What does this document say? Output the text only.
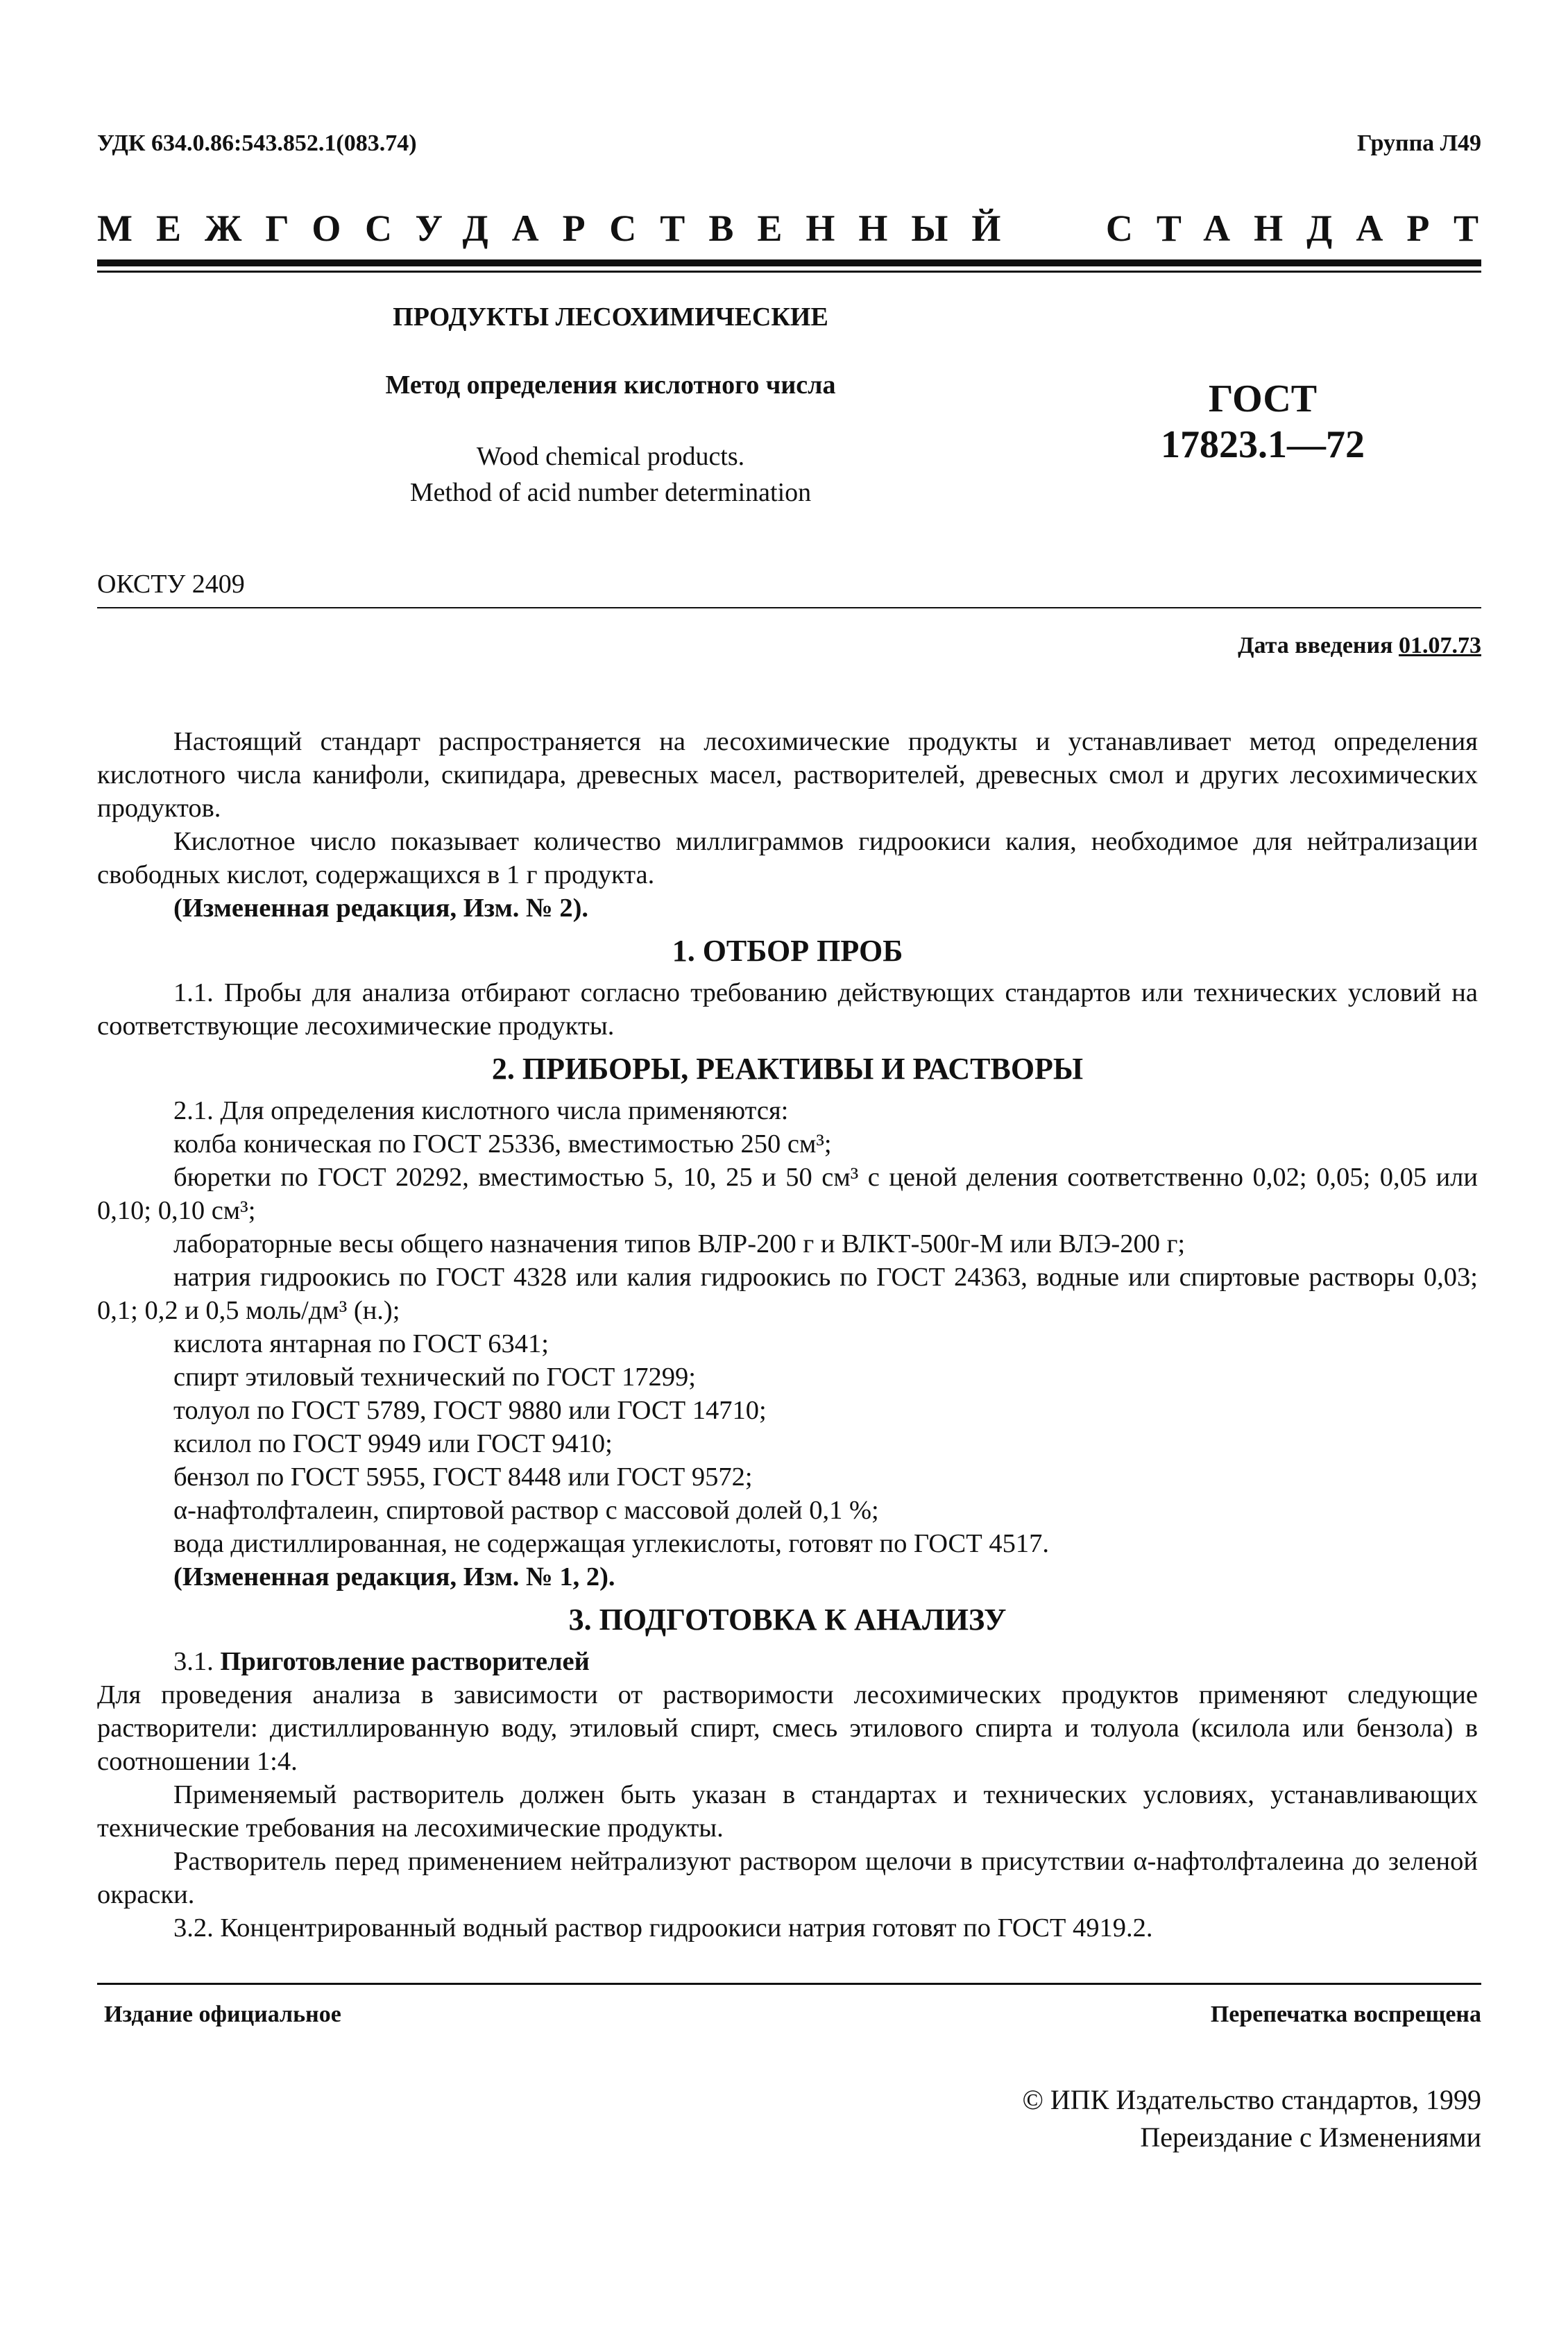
УДК 634.0.86:543.852.1(083.74)	Группа Л49
МЕЖГОСУДАРСТВЕННЫЙ СТАНДАРТ
ПРОДУКТЫ ЛЕСОХИМИЧЕСКИЕ
Метод определения кислотного числа
Wood chemical products.
Method of acid number determination
ГОСТ
17823.1—72
ОКСТУ 2409
Дата введения 01.07.73

Настоящий стандарт распространяется на лесохимические продукты и устанавливает метод определения кислотного числа канифоли, скипидара, древесных масел, растворителей, древесных смол и других лесохимических продуктов.

Кислотное число показывает количество миллиграммов гидроокиси калия, необходимое для нейтрализации свободных кислот, содержащихся в 1 г продукта.

(Измененная редакция, Изм. № 2).

1. ОТБОР ПРОБ

1.1. Пробы для анализа отбирают согласно требованию действующих стандартов или технических условий на соответствующие лесохимические продукты.

2. ПРИБОРЫ, РЕАКТИВЫ И РАСТВОРЫ

2.1. Для определения кислотного числа применяются:

колба коническая по ГОСТ 25336, вместимостью 250 см³;

бюретки по ГОСТ 20292, вместимостью 5, 10, 25 и 50 см³ с ценой деления соответственно 0,02; 0,05; 0,05 или 0,10; 0,10 см³;

лабораторные весы общего назначения типов ВЛР-200 г и ВЛКТ-500г-М или ВЛЭ-200 г;

натрия гидроокись по ГОСТ 4328 или калия гидроокись по ГОСТ 24363, водные или спиртовые растворы 0,03; 0,1; 0,2 и 0,5 моль/дм³ (н.);

кислота янтарная по ГОСТ 6341;

спирт этиловый технический по ГОСТ 17299;

толуол по ГОСТ 5789, ГОСТ 9880 или ГОСТ 14710;

ксилол по ГОСТ 9949 или ГОСТ 9410;

бензол по ГОСТ 5955, ГОСТ 8448 или ГОСТ 9572;

α-нафтолфталеин, спиртовой раствор с массовой долей 0,1 %;

вода дистиллированная, не содержащая углекислоты, готовят по ГОСТ 4517.

(Измененная редакция, Изм. № 1, 2).

3. ПОДГОТОВКА К АНАЛИЗУ

3.1. Приготовление растворителей

Для проведения анализа в зависимости от растворимости лесохимических продуктов применяют следующие растворители: дистиллированную воду, этиловый спирт, смесь этилового спирта и толуола (ксилола или бензола) в соотношении 1:4.

Применяемый растворитель должен быть указан в стандартах и технических условиях, устанавливающих технические требования на лесохимические продукты.

Растворитель перед применением нейтрализуют раствором щелочи в присутствии α-нафтолфталеина до зеленой окраски.

3.2. Концентрированный водный раствор гидроокиси натрия готовят по ГОСТ 4919.2.

Издание официальное	Перепечатка воспрещена
© ИПК Издательство стандартов, 1999
Переиздание с Изменениями
